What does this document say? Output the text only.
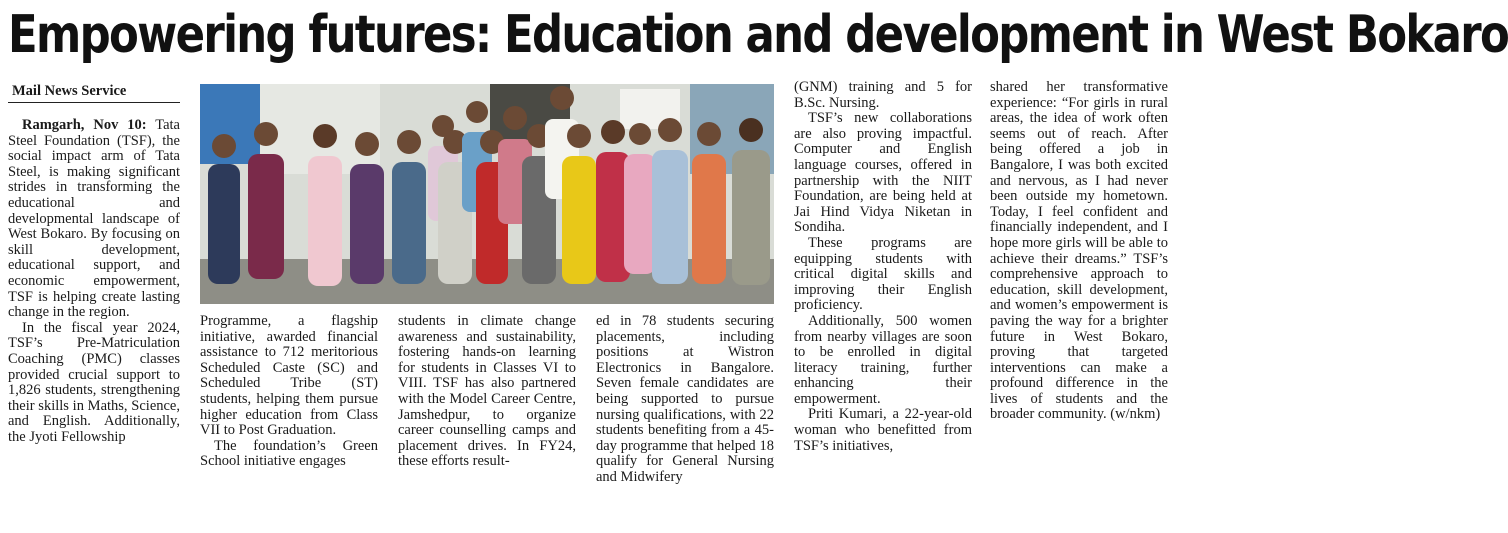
Empowering futures: Education and development in West Bokaro
Mail News Service

Ramgarh, Nov 10: Tata Steel Foundation (TSF), the social impact arm of Tata Steel, is making significant strides in transforming the educational and developmental landscape of West Bokaro. By focusing on skill development, educational support, and economic empowerment, TSF is helping create lasting change in the region.

In the fiscal year 2024, TSF’s Pre-Matriculation Coaching (PMC) classes provided crucial support to 1,826 students, strengthening their skills in Maths, Science, and English. Additionally, the Jyoti Fellowship

Programme, a flagship initiative, awarded financial assistance to 712 meritorious Scheduled Caste (SC) and Scheduled Tribe (ST) students, helping them pursue higher education from Class VII to Post Graduation.

The foundation’s Green School initiative engages

students in climate change awareness and sustainability, fostering hands-on learning for students in Classes VI to VIII. TSF has also partnered with the Model Career Centre, Jamshedpur, to organize career counselling camps and placement drives. In FY24, these efforts result-

ed in 78 students securing placements, including positions at Wistron Electronics in Bangalore. Seven female candidates are being supported to pursue nursing qualifications, with 22 students benefiting from a 45-day programme that helped 18 qualify for General Nursing and Midwifery

(GNM) training and 5 for B.Sc. Nursing.

TSF’s new collaborations are also proving impactful. Computer and English language courses, offered in partnership with the NIIT Foundation, are being held at Jai Hind Vidya Niketan in Sondiha.

These programs are equipping students with critical digital skills and improving their English proficiency.

Additionally, 500 women from nearby villages are soon to be enrolled in digital literacy training, further enhancing their empowerment.

Priti Kumari, a 22-year-old woman who benefitted from TSF’s initiatives,

shared her transformative experience: “For girls in rural areas, the idea of work often seems out of reach. After being offered a job in Bangalore, I was both excited and nervous, as I had never been outside my hometown. Today, I feel confident and financially independent, and I hope more girls will be able to achieve their dreams.” TSF’s comprehensive approach to education, skill development, and women’s empowerment is paving the way for a brighter future in West Bokaro, proving that targeted interventions can make a profound difference in the lives of students and the broader community. (w/nkm)
